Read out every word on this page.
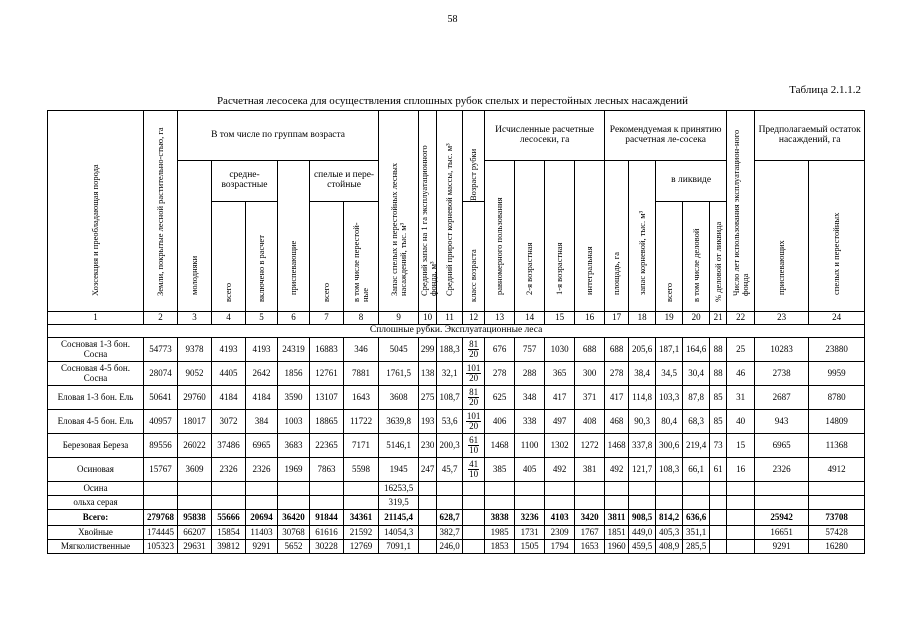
58
Таблица 2.1.1.2
Расчетная лесосека для осуществления сплошных рубок спелых и перестойных лесных насаждений
Хозсекция и преобладающая порода	Земли, покрытые лесной растительно-стью, га	В том числе по группам возраста						Запас спелых и перестойных лесных насаждений, тыс. м³	Средний запас на 1 га эксплуатационного фонда, м³	Средний прирост корневой массы, тыс. м³	Возраст рубки	Исчисленные расчетные лесосеки, га				Рекомендуемая к принятию расчетная ле-сосека					Число лет использования эксплуатацион-ного фонда	Предполагаемый остаток насаждений, га	

		молодняки	средне-возрастные		приспевающие	спелые и пере-стойные						равномерного пользования	2-я возрастная	1-я возрастная	интегральная	площадь, га	запас корневой, тыс. м³	в ликвиде				приспевающих	спелых и перестойных

			всего	включено в расчет		всего	в том числе перестой-ные				класс возраста							всего	в том числе деловой	% деловой от ликвида			

1	2	3	4	5	6	7	8	9	10	11	12	13	14	15	16	17	18	19	20	21	22	23	24
Сплошные рубки. Эксплуатационные леса																							
Сосновая 1-3 бон. Сосна	54773	9378	4193	4193	24319	16883	346	5045	299	188,3	$\frac{81}{20}$	676	757	1030	688	688	205,6	187,1	164,6	88	25	10283	23880
Сосновая 4-5 бон. Сосна	28074	9052	4405	2642	1856	12761	7881	1761,5	138	32,1	$\frac{101}{20}$	278	288	365	300	278	38,4	34,5	30,4	88	46	2738	9959
Еловая 1-3 бон. Ель	50641	29760	4184	4184	3590	13107	1643	3608	275	108,7	$\frac{81}{20}$	625	348	417	371	417	114,8	103,3	87,8	85	31	2687	8780
Еловая 4-5 бон. Ель	40957	18017	3072	384	1003	18865	11722	3639,8	193	53,6	$\frac{101}{20}$	406	338	497	408	468	90,3	80,4	68,3	85	40	943	14809
Березовая Береза	89556	26022	37486	6965	3683	22365	7171	5146,1	230	200,3	$\frac{61}{10}$	1468	1100	1302	1272	1468	337,8	300,6	219,4	73	15	6965	11368
Осиновая	15767	3609	2326	2326	1969	7863	5598	1945	247	45,7	$\frac{41}{10}$	385	405	492	381	492	121,7	108,3	66,1	61	16	2326	4912
Осина								16253,5															
ольха серая								319,5															
Всего:	279768	95838	55666	20694	36420	91844	34361	21145,4		628,7		3838	3236	4103	3420	3811	908,5	814,2	636,6			25942	73708
Хвойные	174445	66207	15854	11403	30768	61616	21592	14054,3		382,7		1985	1731	2309	1767	1851	449,0	405,3	351,1			16651	57428
Мягколиственные	105323	29631	39812	9291	5652	30228	12769	7091,1		246,0		1853	1505	1794	1653	1960	459,5	408,9	285,5			9291	16280
